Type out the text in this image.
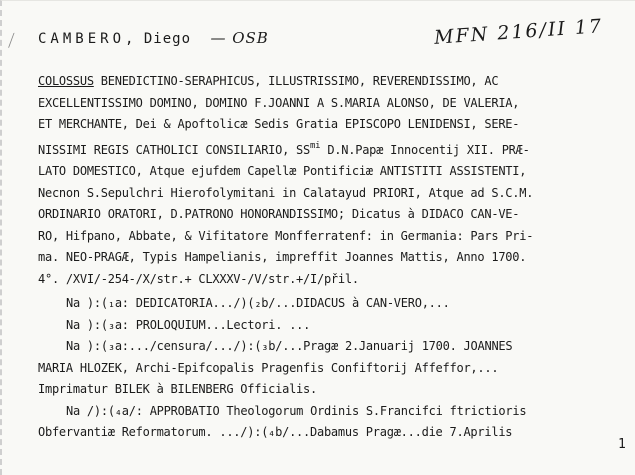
⟋ CAMBERO, Diego — OSB	MFN 216/II 17
COLOSSUS BENEDICTINO-SERAPHICUS, ILLUSTRISSIMO, REVERENDISSIMO, AC
EXCELLENTISSIMO DOMINO, DOMINO F.JOANNI A S.MARIA ALONSO, DE VALERIA,
ET MERCHANTE, Dei & Apoftolicæ Sedis Gratia EPISCOPO LENIDENSI, SERE-
NISSIMI REGIS CATHOLICI CONSILIARIO, $SS^{mi}$ D.N.Papæ Innocentij XII. PRÆ-
LATO DOMESTICO, Atque ejufdem Capellæ Pontificiæ ANTISTITI ASSISTENTI,
Necnon S.Sepulchri Hierofolymitani in Calatayud PRIORI, Atque ad S.C.M.
ORDINARIO ORATORI, D.PATRONO HONORANDISSIMO; Dicatus à DIDACO CAN-VE-
RO, Hifpano, Abbate, & Vifitatore Monfferratenf: in Germania: Pars Pri-
ma. NEO-PRAGÆ, Typis Hampelianis, impreffit Joannes Mattis, Anno 1700.
4°. /XVI/-254-/X/str.+ CLXXXV-/V/str.+/I/přil.
Na ):(₁a: DEDICATORIA.../)(₂b/...DIDACUS à CAN-VERO,...
Na ):(₃a: PROLOQUIUM...Lectori. ...
Na ):(₃a:.../censura/.../):(₃b/...Pragæ 2.Januarij 1700. JOANNES
MARIA HLOZEK, Archi-Epifcopalis Pragenfis Confiftorij Affeffor,...
Imprimatur BILEK à BILENBERG Officialis.
Na /):(₄a/: APPROBATIO Theologorum Ordinis S.Francifci ftrictioris
Obfervantiæ Reformatorum. .../):(₄b/...Dabamus Pragæ...die 7.Aprilis
1
